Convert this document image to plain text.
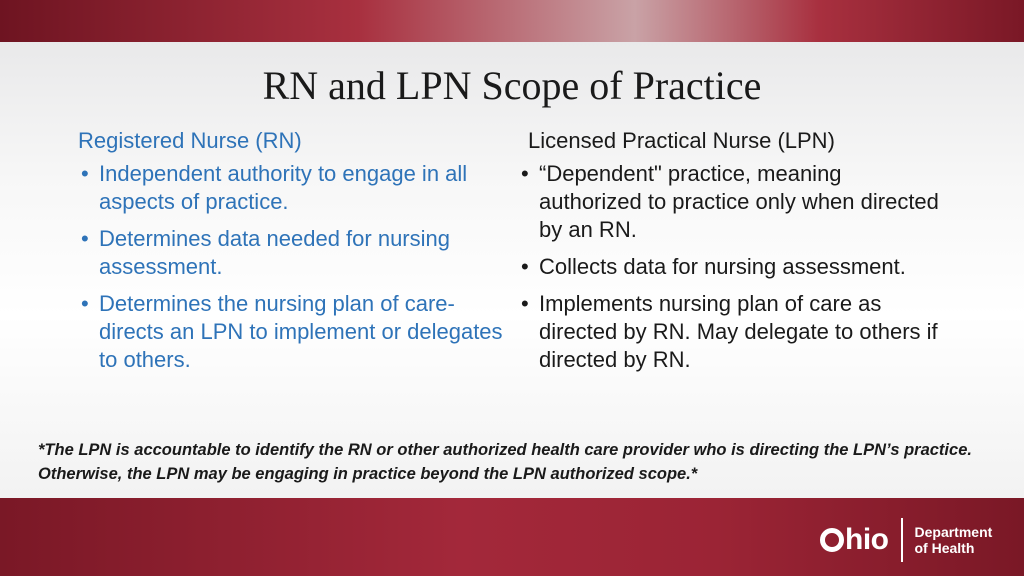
RN and LPN Scope of Practice
Registered Nurse (RN)
• Independent authority to engage in all aspects of practice.
• Determines data needed for nursing assessment.
• Determines the nursing plan of care-directs an LPN to implement or delegates to others.
Licensed Practical Nurse (LPN)
• “Dependent" practice, meaning authorized to practice only when directed by an RN.
• Collects data for nursing assessment.
• Implements nursing plan of care as directed by RN. May delegate to others if directed by RN.
*The LPN is accountable to identify the RN or other authorized health care provider who is directing the LPN’s practice. Otherwise, the LPN may be engaging in practice beyond the LPN authorized scope.*
hio Department
of Health
